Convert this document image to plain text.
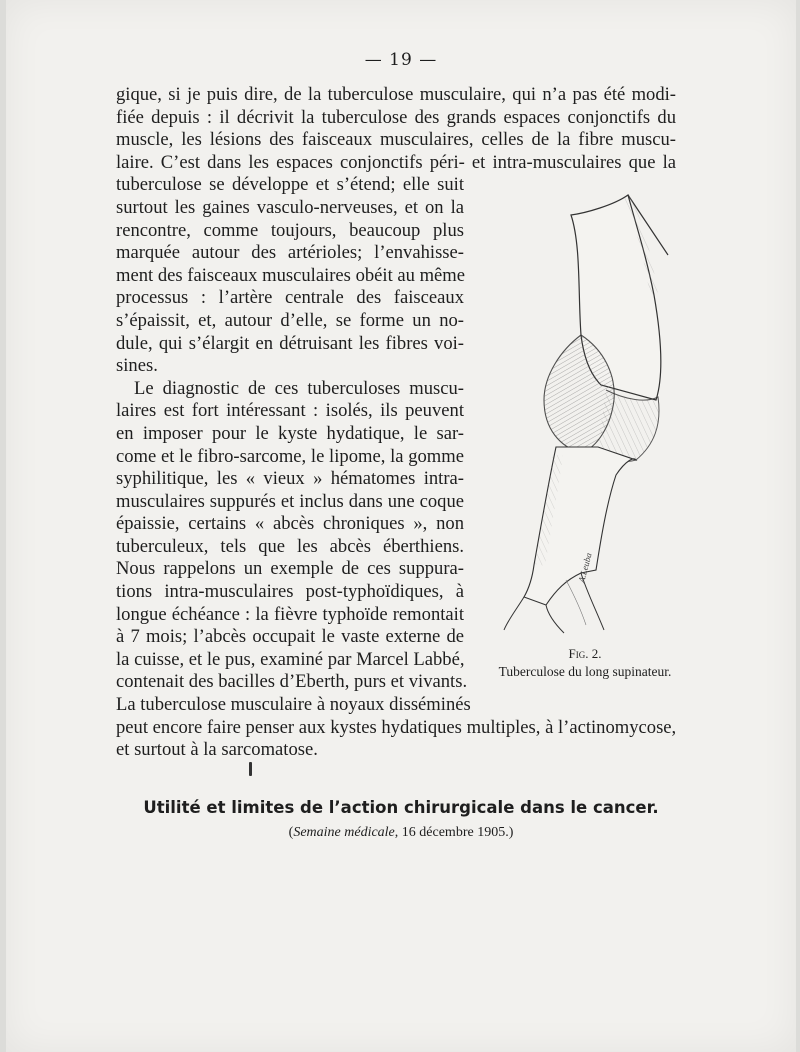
— 19 —
gique, si je puis dire, de la tuberculose musculaire, qui n’a pas été modi-
fiée depuis : il décrivit la tuberculose des grands espaces conjonctifs du
muscle, les lésions des faisceaux musculaires, celles de la fibre muscu-
laire. C’est dans les espaces conjonctifs péri- et intra-musculaires que la
tuberculose se développe et s’étend; elle suit
surtout les gaines vasculo-nerveuses, et on la
rencontre, comme toujours, beaucoup plus
marquée autour des artérioles; l’envahisse-
ment des faisceaux musculaires obéit au même
processus : l’artère centrale des faisceaux
s’épaissit, et, autour d’elle, se forme un no-
dule, qui s’élargit en détruisant les fibres voi-
sines.
Le diagnostic de ces tuberculoses muscu-
laires est fort intéressant : isolés, ils peuvent
en imposer pour le kyste hydatique, le sar-
come et le fibro-sarcome, le lipome, la gomme
syphilitique, les « vieux » hématomes intra-
musculaires suppurés et inclus dans une coque
épaissie, certains « abcès chroniques », non
tuberculeux, tels que les abcès éberthiens.
Nous rappelons un exemple de ces suppura-
tions intra-musculaires post-typhoïdiques, à
longue échéance : la fièvre typhoïde remontait
à 7 mois; l’abcès occupait le vaste externe de
la cuisse, et le pus, examiné par Marcel Labbé,
contenait des bacilles d’Eberth, purs et vivants.
La tuberculose musculaire à noyaux disséminés
peut encore faire penser aux kystes hydatiques multiples, à l’actinomycose,
et surtout à la sarcomatose.
A.Leuba
Fig. 2.
Tuberculose du long supinateur.
Utilité et limites de l’action chirurgicale dans le cancer.
(Semaine médicale, 16 décembre 1905.)
